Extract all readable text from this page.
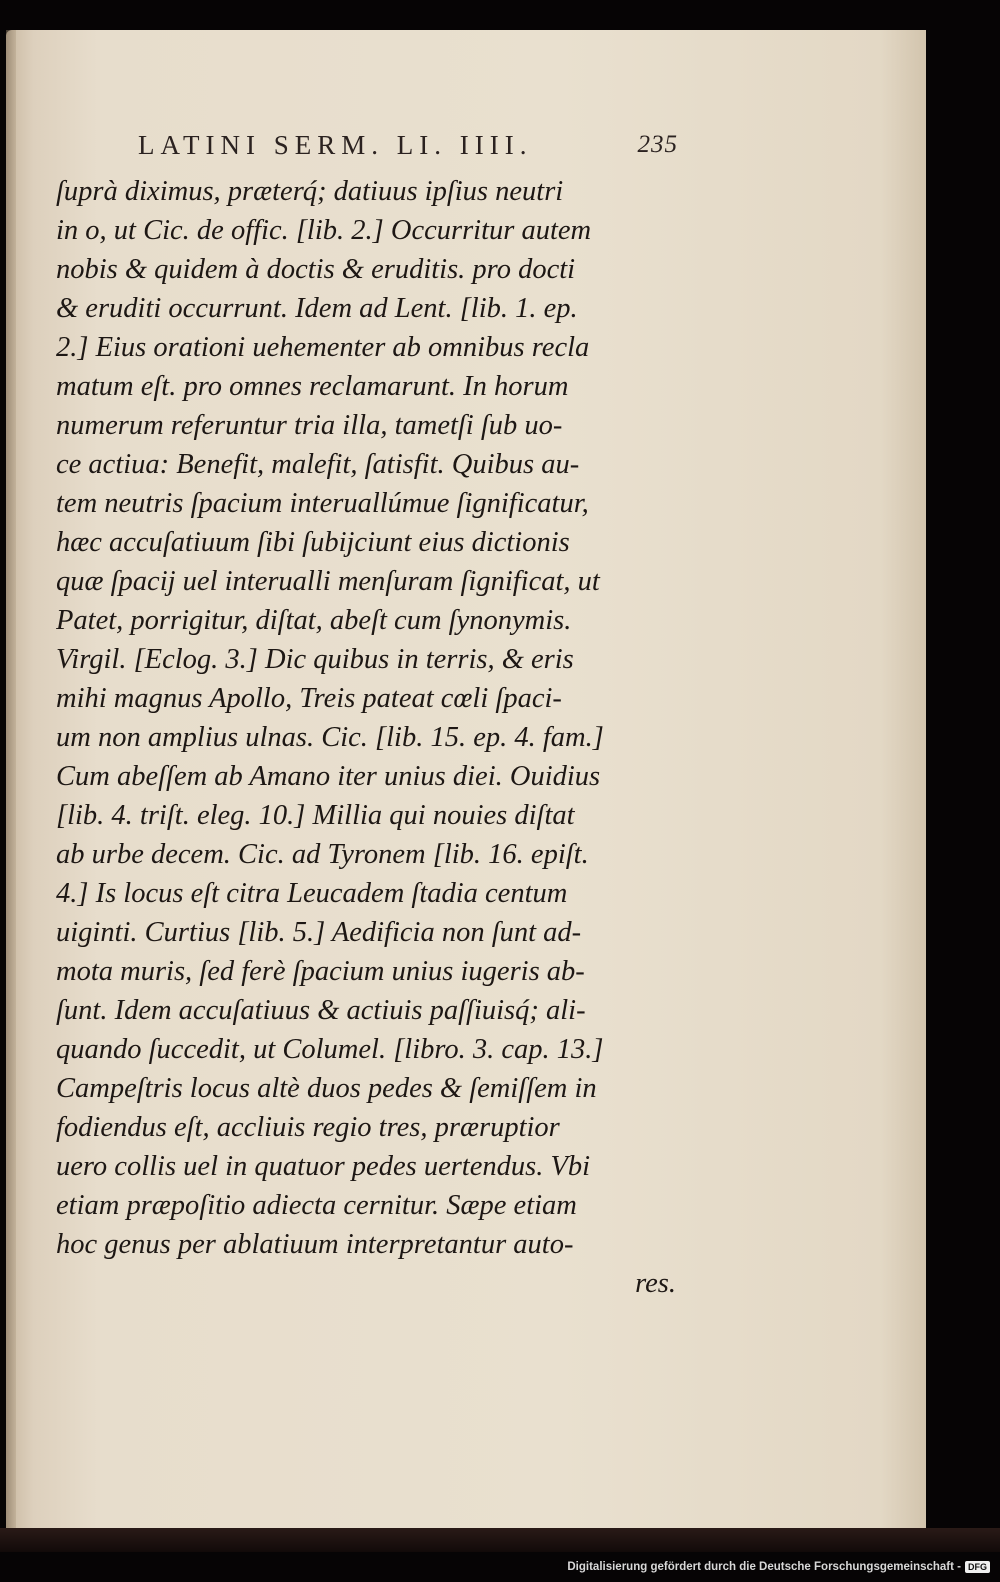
LATINI SERM. LI. IIII.	235
ſuprà diximus, præterq́; datiuus ipſius neutri
in o, ut Cic. de offic. [lib. 2.] Occurritur autem
nobis & quidem à doctis & eruditis. pro docti
& eruditi occurrunt. Idem ad Lent. [lib. 1. ep.
2.] Eius orationi uehementer ab omnibus recla
matum eſt. pro omnes reclamarunt. In horum
numerum referuntur tria illa, tametſi ſub uo-
ce actiua: Benefit, malefit, ſatisfit. Quibus au-
tem neutris ſpacium interuallúmue ſignificatur,
hæc accuſatiuum ſibi ſubijciunt eius dictionis
quæ ſpacij uel interualli menſuram ſignificat, ut
Patet, porrigitur, diſtat, abeſt cum ſynonymis.
Virgil. [Eclog. 3.] Dic quibus in terris, & eris
mihi magnus Apollo, Treis pateat cœli ſpaci-
um non amplius ulnas. Cic. [lib. 15. ep. 4. fam.]
Cum abeſſem ab Amano iter unius diei. Ouidius
[lib. 4. triſt. eleg. 10.] Millia qui nouies diſtat
ab urbe decem. Cic. ad Tyronem [lib. 16. epiſt.
4.] Is locus eſt citra Leucadem ſtadia centum
uiginti. Curtius [lib. 5.] Aedificia non ſunt ad-
mota muris, ſed ferè ſpacium unius iugeris ab-
ſunt. Idem accuſatiuus & actiuis paſſiuisq́; ali-
quando ſuccedit, ut Columel. [libro. 3. cap. 13.]
Campeſtris locus altè duos pedes & ſemiſſem in
fodiendus eſt, accliuis regio tres, præruptior
uero collis uel in quatuor pedes uertendus. Vbi
etiam præpoſitio adiecta cernitur. Sæpe etiam
hoc genus per ablatiuum interpretantur auto-
res.
Digitalisierung gefördert durch die Deutsche Forschungsgemeinschaft - DFG
